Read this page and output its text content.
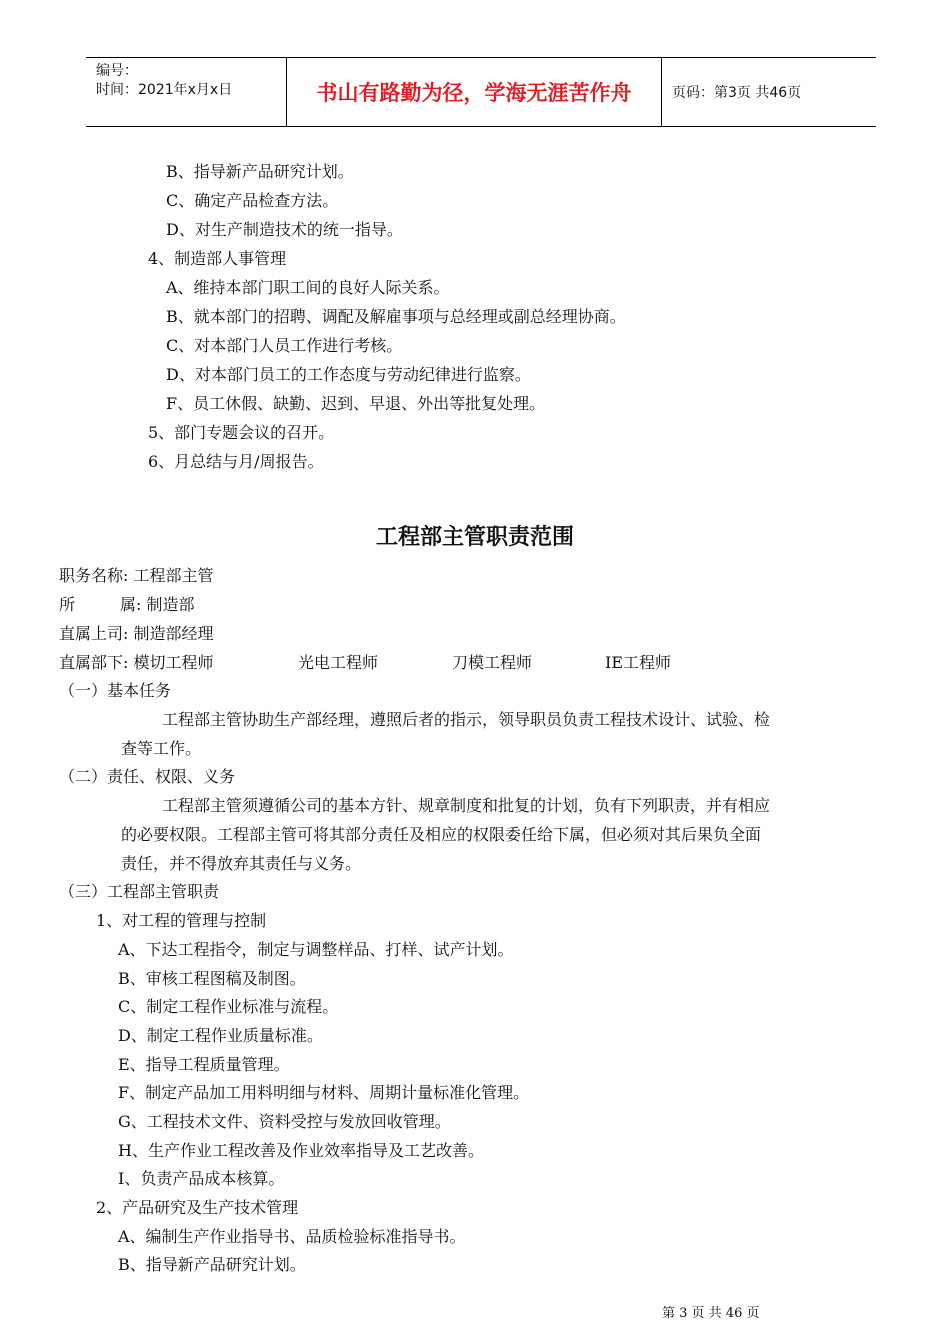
编号：
时间：2021年x月x日	书山有路勤为径，学海无涯苦作舟	页码：第3页 共46页
B、指导新产品研究计划。
C、确定产品检查方法。
D、对生产制造技术的统一指导。
4、制造部人事管理
A、维持本部门职工间的良好人际关系。
B、就本部门的招聘、调配及解雇事项与总经理或副总经理协商。
C、对本部门人员工作进行考核。
D、对本部门员工的工作态度与劳动纪律进行监察。
F、员工休假、缺勤、迟到、早退、外出等批复处理。
5、部门专题会议的召开。
6、月总结与月/周报告。
工程部主管职责范围
职务名称: 工程部主管
所	属: 制造部
直属上司: 制造部经理
直属部下: 模切工程师	光电工程师	刀模工程师	IE工程师
（一）基本任务
工程部主管协助生产部经理，遵照后者的指示，领导职员负责工程技术设计、试验、检
查等工作。
（二）责任、权限、义务
工程部主管须遵循公司的基本方针、规章制度和批复的计划，负有下列职责，并有相应
的必要权限。工程部主管可将其部分责任及相应的权限委任给下属，但必须对其后果负全面
责任，并不得放弃其责任与义务。
（三）工程部主管职责
1、对工程的管理与控制
A、下达工程指令，制定与调整样品、打样、试产计划。
B、审核工程图稿及制图。
C、制定工程作业标准与流程。
D、制定工程作业质量标准。
E、指导工程质量管理。
F、制定产品加工用料明细与材料、周期计量标准化管理。
G、工程技术文件、资料受控与发放回收管理。
H、生产作业工程改善及作业效率指导及工艺改善。
I、负责产品成本核算。
2、产品研究及生产技术管理
A、编制生产作业指导书、品质检验标准指导书。
B、指导新产品研究计划。
第 3 页 共 46 页
